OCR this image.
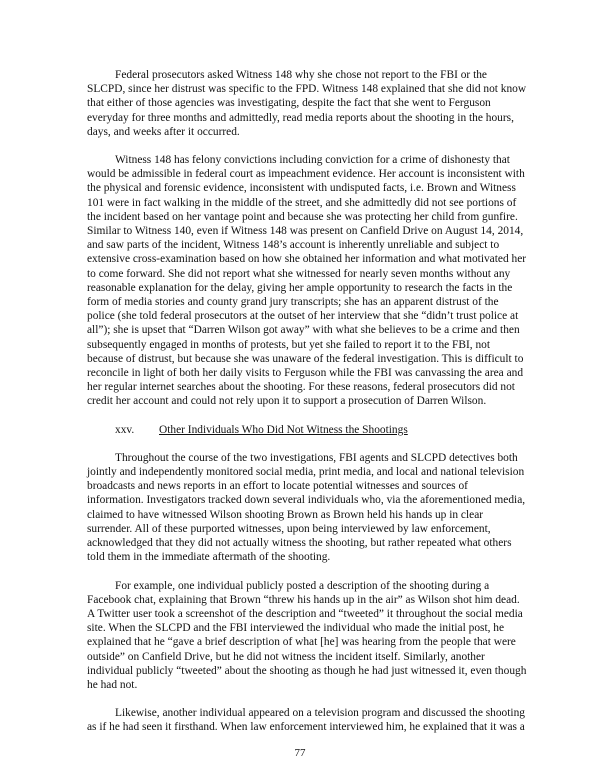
Federal prosecutors asked Witness 148 why she chose not report to the FBI or the SLCPD, since her distrust was specific to the FPD. Witness 148 explained that she did not know that either of those agencies was investigating, despite the fact that she went to Ferguson everyday for three months and admittedly, read media reports about the shooting in the hours, days, and weeks after it occurred.

Witness 148 has felony convictions including conviction for a crime of dishonesty that would be admissible in federal court as impeachment evidence. Her account is inconsistent with the physical and forensic evidence, inconsistent with undisputed facts, i.e. Brown and Witness 101 were in fact walking in the middle of the street, and she admittedly did not see portions of the incident based on her vantage point and because she was protecting her child from gunfire. Similar to Witness 140, even if Witness 148 was present on Canfield Drive on August 14, 2014, and saw parts of the incident, Witness 148’s account is inherently unreliable and subject to extensive cross-examination based on how she obtained her information and what motivated her to come forward. She did not report what she witnessed for nearly seven months without any reasonable explanation for the delay, giving her ample opportunity to research the facts in the form of media stories and county grand jury transcripts; she has an apparent distrust of the police (she told federal prosecutors at the outset of her interview that she “didn’t trust police at all”); she is upset that “Darren Wilson got away” with what she believes to be a crime and then subsequently engaged in months of protests, but yet she failed to report it to the FBI, not because of distrust, but because she was unaware of the federal investigation. This is difficult to reconcile in light of both her daily visits to Ferguson while the FBI was canvassing the area and her regular internet searches about the shooting. For these reasons, federal prosecutors did not credit her account and could not rely upon it to support a prosecution of Darren Wilson.

xxv. Other Individuals Who Did Not Witness the Shootings

Throughout the course of the two investigations, FBI agents and SLCPD detectives both jointly and independently monitored social media, print media, and local and national television broadcasts and news reports in an effort to locate potential witnesses and sources of information. Investigators tracked down several individuals who, via the aforementioned media, claimed to have witnessed Wilson shooting Brown as Brown held his hands up in clear surrender. All of these purported witnesses, upon being interviewed by law enforcement, acknowledged that they did not actually witness the shooting, but rather repeated what others told them in the immediate aftermath of the shooting.

For example, one individual publicly posted a description of the shooting during a Facebook chat, explaining that Brown “threw his hands up in the air” as Wilson shot him dead. A Twitter user took a screenshot of the description and “tweeted” it throughout the social media site. When the SLCPD and the FBI interviewed the individual who made the initial post, he explained that he “gave a brief description of what [he] was hearing from the people that were outside” on Canfield Drive, but he did not witness the incident itself. Similarly, another individual publicly “tweeted” about the shooting as though he had just witnessed it, even though he had not.

Likewise, another individual appeared on a television program and discussed the shooting as if he had seen it firsthand. When law enforcement interviewed him, he explained that it was a

77
